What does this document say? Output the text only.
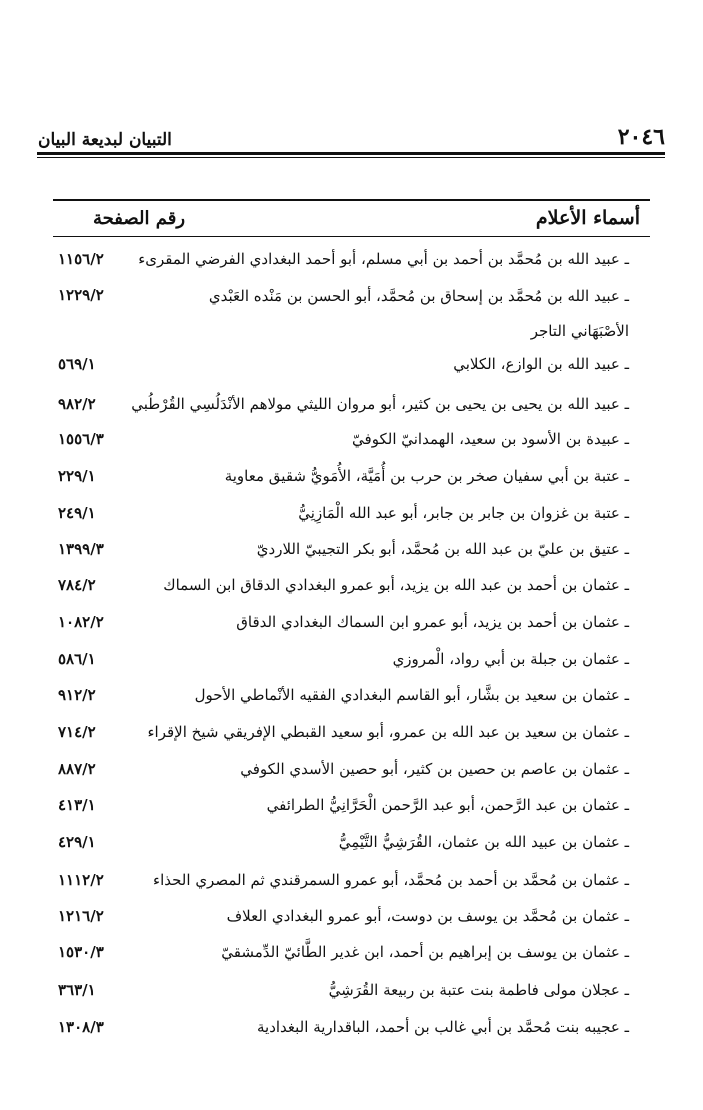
٢٠٤٦
التبيان لبديعة البيان
أسماء الأعلام
رقم الصفحة
ـ عبيد الله بن مُحمَّد بن أحمد بن أبي مسلم، أبو أحمد البغدادي الفرضي المقرىء
١١٥٦/٢
ـ عبيد الله بن مُحمَّد بن إسحاق بن مُحمَّد، أبو الحسن بن مَنْده العَبْدي الأصْبَهَاني التاجر
١٢٢٩/٢
ـ عبيد الله بن الوازع، الكلابي
٥٦٩/١
ـ عبيد الله بن يحيى بن يحيى بن كثير، أبو مروان الليثي مولاهم الأنْدَلُسِي القُرْطُبي
٩٨٢/٢
ـ عبيدة بن الأسود بن سعيد، الهمدانيّ الكوفيّ
١٥٥٦/٣
ـ عتبة بن أبي سفيان صخر بن حرب بن أُمَيَّة، الأُمَويُّ شقيق معاوية
٢٢٩/١
ـ عتبة بن غزوان بن جابر بن جابر، أبو عبد الله الْمَازِنِيُّ
٢٤٩/١
ـ عتيق بن عليّ بن عبد الله بن مُحمَّد، أبو بكر التجيبيّ اللارديّ
١٣٩٩/٣
ـ عثمان بن أحمد بن عبد الله بن يزيد، أبو عمرو البغدادي الدقاق ابن السماك
٧٨٤/٢
ـ عثمان بن أحمد بن يزيد، أبو عمرو ابن السماك البغدادي الدقاق
١٠٨٢/٢
ـ عثمان بن جبلة بن أبي رواد، الْمروزي
٥٨٦/١
ـ عثمان بن سعيد بن بشَّار، أبو القاسم البغدادي الفقيه الأنْماطي الأحول
٩١٢/٢
ـ عثمان بن سعيد بن عبد الله بن عمرو، أبو سعيد القبطي الإفريقي شيخ الإقراء
٧١٤/٢
ـ عثمان بن عاصم بن حصين بن كثير، أبو حصين الأسدي الكوفي
٨٨٧/٢
ـ عثمان بن عبد الرَّحمن، أبو عبد الرَّحمن الْحَرَّانِيُّ الطرائفي
٤١٣/١
ـ عثمان بن عبيد الله بن عثمان، القُرَشِيُّ التَّيْمِيُّ
٤٢٩/١
ـ عثمان بن مُحمَّد بن أحمد بن مُحمَّد، أبو عمرو السمرقندي ثم المصري الحذاء
١١١٢/٢
ـ عثمان بن مُحمَّد بن يوسف بن دوست، أبو عمرو البغدادي العلاف
١٢١٦/٢
ـ عثمان بن يوسف بن إبراهيم بن أحمد، ابن غدير الطَّائيّ الدِّمشقيّ
١٥٣٠/٣
ـ عجلان مولى فاطمة بنت عتبة بن ربيعة القُرَشِيُّ
٣٦٣/١
ـ عجيبه بنت مُحمَّد بن أبي غالب بن أحمد، الباقدارية البغدادية
١٣٠٨/٣
